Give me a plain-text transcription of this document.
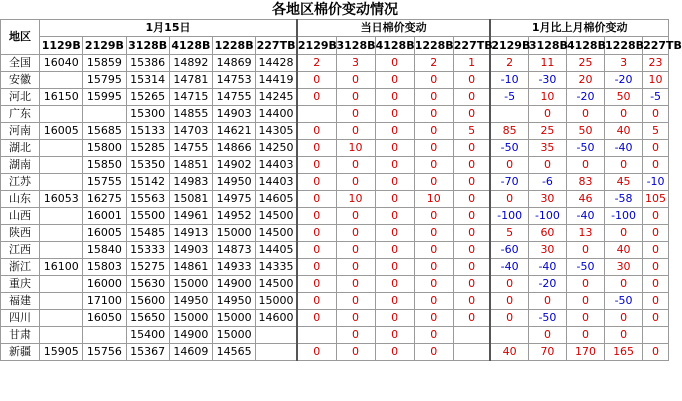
各地区棉价变动情况
地区	1月15日						当日棉价变动					1月比上月棉价变动				
	1129B	2129B	3128B	4128B	1228B	227TB	2129B	3128B	4128B	1228B	227TB	2129B	3128B	4128B	1228B	227TB
全国	16040	15859	15386	14892	14869	14428	2	3	0	2	1	2	11	25	3	23
安徽		15795	15314	14781	14753	14419	0	0	0	0	0	-10	-30	20	-20	10
河北	16150	15995	15265	14715	14755	14245	0	0	0	0	0	-5	10	-20	50	-5
广东			15300	14855	14903	14400		0	0	0	0		0	0	0	0
河南	16005	15685	15133	14703	14621	14305	0	0	0	0	5	85	25	50	40	5
湖北		15800	15285	14755	14866	14250	0	10	0	0	0	-50	35	-50	-40	0
湖南		15850	15350	14851	14902	14403	0	0	0	0	0	0	0	0	0	0
江苏		15755	15142	14983	14950	14403	0	0	0	0	0	-70	-6	83	45	-10
山东	16053	16275	15563	15081	14975	14605	0	10	0	10	0	0	30	46	-58	105
山西		16001	15500	14961	14952	14500	0	0	0	0	0	-100	-100	-40	-100	0
陕西		16005	15485	14913	15000	14500	0	0	0	0	0	5	60	13	0	0
江西		15840	15333	14903	14873	14405	0	0	0	0	0	-60	30	0	40	0
浙江	16100	15803	15275	14861	14933	14335	0	0	0	0	0	-40	-40	-50	30	0
重庆		16000	15630	15000	14900	14500	0	0	0	0	0	0	-20	0	0	0
福建		17100	15600	14950	14950	15000	0	0	0	0	0	0	0	0	-50	0
四川		16050	15650	15000	15000	14600	0	0	0	0	0	0	-50	0	0	0
甘肃			15400	14900	15000			0	0	0			0	0	0	
新疆	15905	15756	15367	14609	14565		0	0	0	0		40	70	170	165	0
